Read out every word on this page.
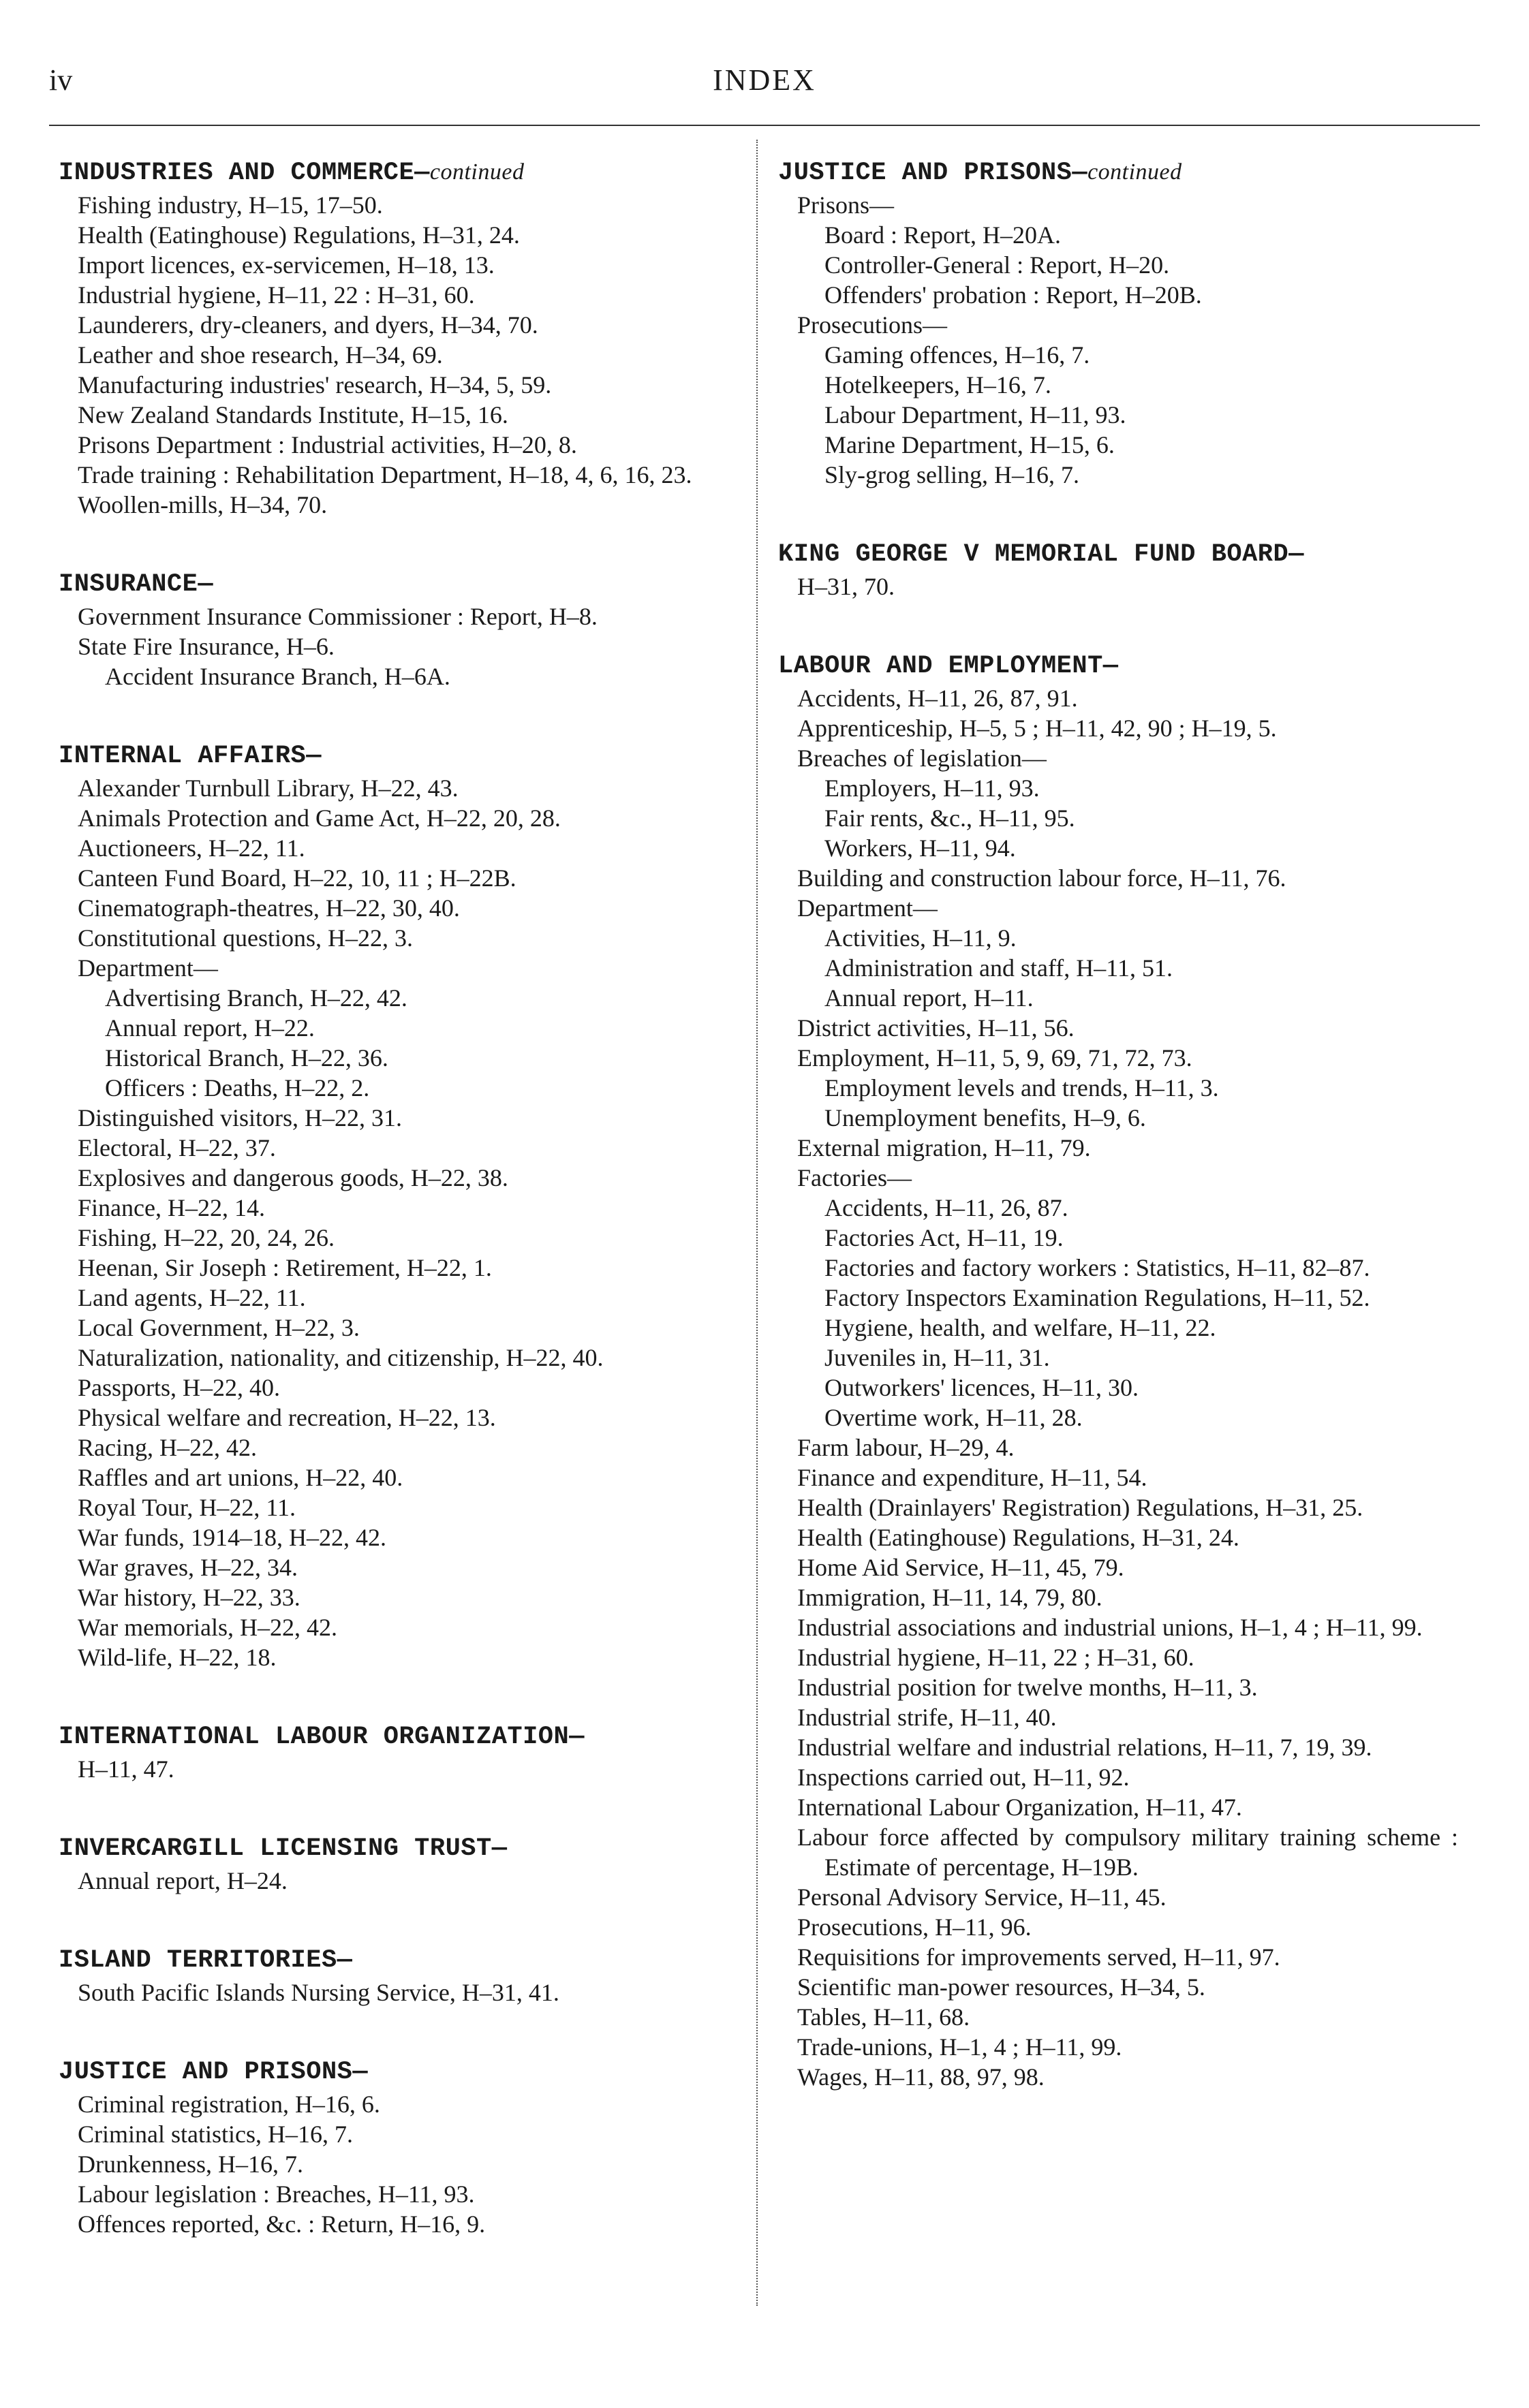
iv	INDEX
INDUSTRIES AND COMMERCE—continued
Fishing industry, H–15, 17–50.
Health (Eatinghouse) Regulations, H–31, 24.
Import licences, ex-servicemen, H–18, 13.
Industrial hygiene, H–11, 22 : H–31, 60.
Launderers, dry-cleaners, and dyers, H–34, 70.
Leather and shoe research, H–34, 69.
Manufacturing industries' research, H–34, 5, 59.
New Zealand Standards Institute, H–15, 16.
Prisons Department : Industrial activities, H–20, 8.
Trade training : Rehabilitation Department, H–18, 4, 6, 16, 23.
Woollen-mills, H–34, 70.
INSURANCE—
Government Insurance Commissioner : Report, H–8.
State Fire Insurance, H–6.
Accident Insurance Branch, H–6A.
INTERNAL AFFAIRS—
Alexander Turnbull Library, H–22, 43.
Animals Protection and Game Act, H–22, 20, 28.
Auctioneers, H–22, 11.
Canteen Fund Board, H–22, 10, 11 ; H–22B.
Cinematograph-theatres, H–22, 30, 40.
Constitutional questions, H–22, 3.
Department—
Advertising Branch, H–22, 42.
Annual report, H–22.
Historical Branch, H–22, 36.
Officers : Deaths, H–22, 2.
Distinguished visitors, H–22, 31.
Electoral, H–22, 37.
Explosives and dangerous goods, H–22, 38.
Finance, H–22, 14.
Fishing, H–22, 20, 24, 26.
Heenan, Sir Joseph : Retirement, H–22, 1.
Land agents, H–22, 11.
Local Government, H–22, 3.
Naturalization, nationality, and citizenship, H–22, 40.
Passports, H–22, 40.
Physical welfare and recreation, H–22, 13.
Racing, H–22, 42.
Raffles and art unions, H–22, 40.
Royal Tour, H–22, 11.
War funds, 1914–18, H–22, 42.
War graves, H–22, 34.
War history, H–22, 33.
War memorials, H–22, 42.
Wild-life, H–22, 18.
INTERNATIONAL LABOUR ORGANIZATION—
H–11, 47.
INVERCARGILL LICENSING TRUST—
Annual report, H–24.
ISLAND TERRITORIES—
South Pacific Islands Nursing Service, H–31, 41.
JUSTICE AND PRISONS—
Criminal registration, H–16, 6.
Criminal statistics, H–16, 7.
Drunkenness, H–16, 7.
Labour legislation : Breaches, H–11, 93.
Offences reported, &c. : Return, H–16, 9.
JUSTICE AND PRISONS—continued
Prisons—
Board : Report, H–20A.
Controller-General : Report, H–20.
Offenders' probation : Report, H–20B.
Prosecutions—
Gaming offences, H–16, 7.
Hotelkeepers, H–16, 7.
Labour Department, H–11, 93.
Marine Department, H–15, 6.
Sly-grog selling, H–16, 7.
KING GEORGE V MEMORIAL FUND BOARD—
H–31, 70.
LABOUR AND EMPLOYMENT—
Accidents, H–11, 26, 87, 91.
Apprenticeship, H–5, 5 ; H–11, 42, 90 ; H–19, 5.
Breaches of legislation—
Employers, H–11, 93.
Fair rents, &c., H–11, 95.
Workers, H–11, 94.
Building and construction labour force, H–11, 76.
Department—
Activities, H–11, 9.
Administration and staff, H–11, 51.
Annual report, H–11.
District activities, H–11, 56.
Employment, H–11, 5, 9, 69, 71, 72, 73.
Employment levels and trends, H–11, 3.
Unemployment benefits, H–9, 6.
External migration, H–11, 79.
Factories—
Accidents, H–11, 26, 87.
Factories Act, H–11, 19.
Factories and factory workers : Statistics, H–11, 82–87.
Factory Inspectors Examination Regulations, H–11, 52.
Hygiene, health, and welfare, H–11, 22.
Juveniles in, H–11, 31.
Outworkers' licences, H–11, 30.
Overtime work, H–11, 28.
Farm labour, H–29, 4.
Finance and expenditure, H–11, 54.
Health (Drainlayers' Registration) Regulations, H–31, 25.
Health (Eatinghouse) Regulations, H–31, 24.
Home Aid Service, H–11, 45, 79.
Immigration, H–11, 14, 79, 80.
Industrial associations and industrial unions, H–1, 4 ; H–11, 99.
Industrial hygiene, H–11, 22 ; H–31, 60.
Industrial position for twelve months, H–11, 3.
Industrial strife, H–11, 40.
Industrial welfare and industrial relations, H–11, 7, 19, 39.
Inspections carried out, H–11, 92.
International Labour Organization, H–11, 47.
Labour force affected by compulsory military training scheme : Estimate of percentage, H–19B.
Personal Advisory Service, H–11, 45.
Prosecutions, H–11, 96.
Requisitions for improvements served, H–11, 97.
Scientific man-power resources, H–34, 5.
Tables, H–11, 68.
Trade-unions, H–1, 4 ; H–11, 99.
Wages, H–11, 88, 97, 98.
